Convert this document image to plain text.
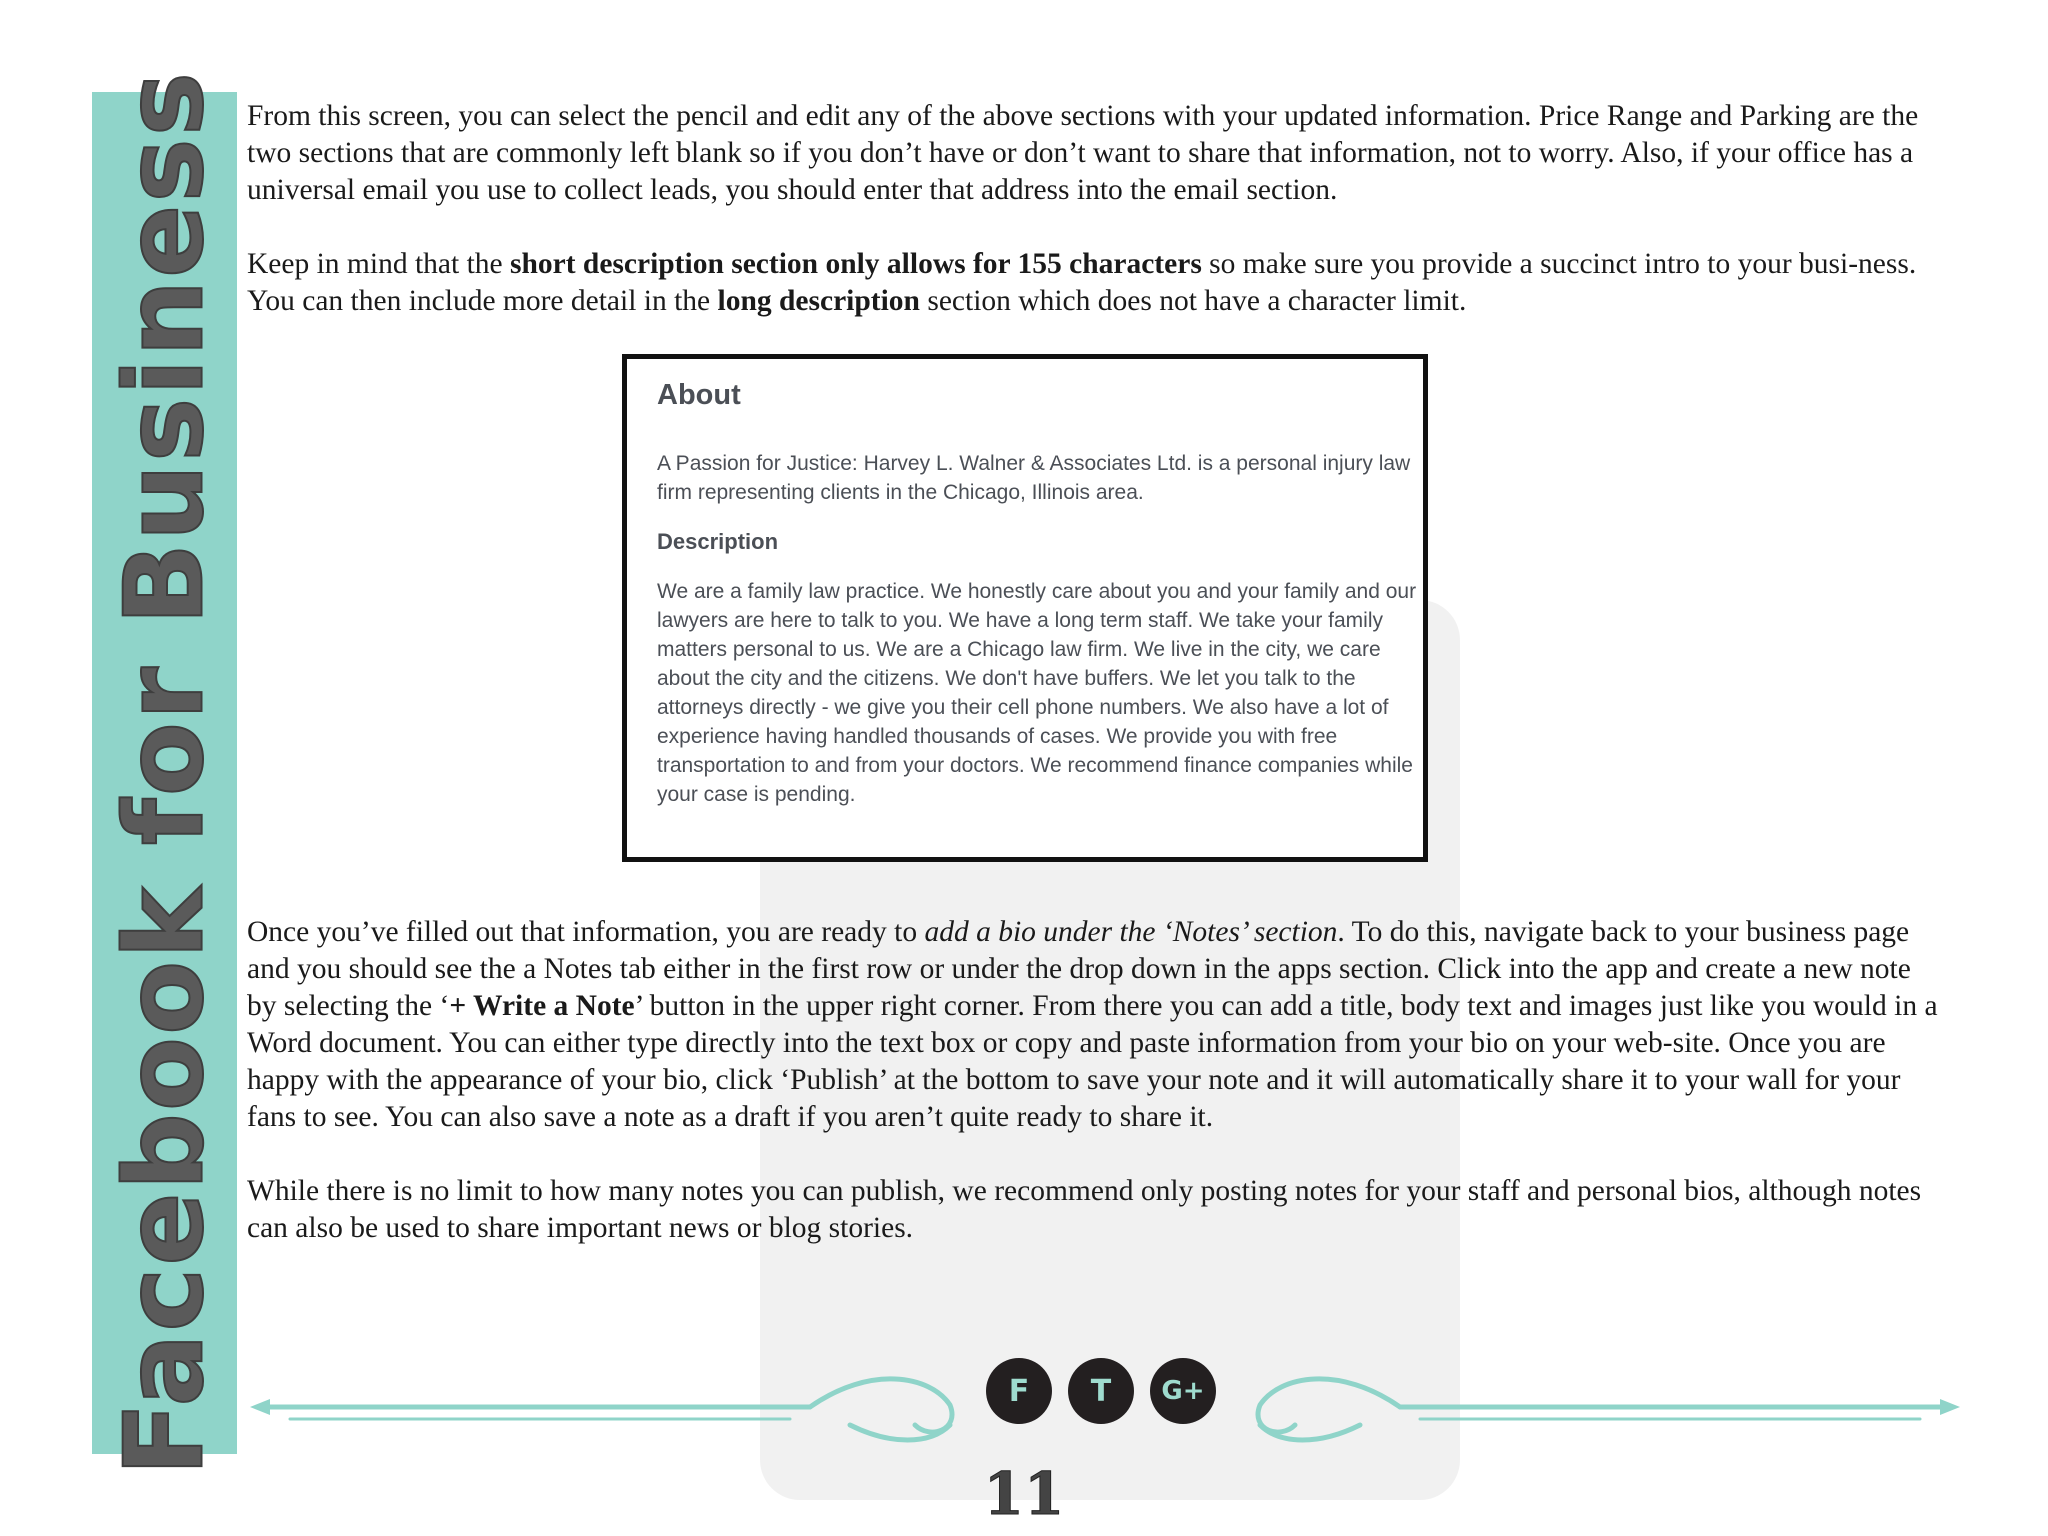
Facebook for Business From this screen, you can select the pencil and edit any of the above sections with your updated information. Price Range and Parking are the two sections that are commonly left blank so if you don’t have or don’t want to share that information, not to worry. Also, if your office has a universal email you use to collect leads, you should enter that address into the email section.

Keep in mind that the short description section only allows for 155 characters so make sure you provide a succinct intro to your busi-ness. You can then include more detail in the long description section which does not have a character limit.

About
A Passion for Justice: Harvey L. Walner & Associates Ltd. is a personal injury law firm representing clients in the Chicago, Illinois area.
Description
We are a family law practice. We honestly care about you and your family and our lawyers are here to talk to you. We have a long term staff. We take your family matters personal to us. We are a Chicago law firm. We live in the city, we care about the city and the citizens. We don't have buffers. We let you talk to the attorneys directly - we give you their cell phone numbers. We also have a lot of experience having handled thousands of cases. We provide you with free transportation to and from your doctors. We recommend finance companies while your case is pending.

Once you’ve filled out that information, you are ready to add a bio under the ‘Notes’ section. To do this, navigate back to your business page and you should see the a Notes tab either in the first row or under the drop down in the apps section. Click into the app and create a new note by selecting the ‘+ Write a Note’ button in the upper right corner. From there you can add a title, body text and images just like you would in a Word document. You can either type directly into the text box or copy and paste information from your bio on your web-site. Once you are happy with the appearance of your bio, click ‘Publish’ at the bottom to save your note and it will automatically share it to your wall for your fans to see. You can also save a note as a draft if you aren’t quite ready to share it.

While there is no limit to how many notes you can publish, we recommend only posting notes for your staff and personal bios, although notes can also be used to share important news or blog stories.

F	T	G+
11
